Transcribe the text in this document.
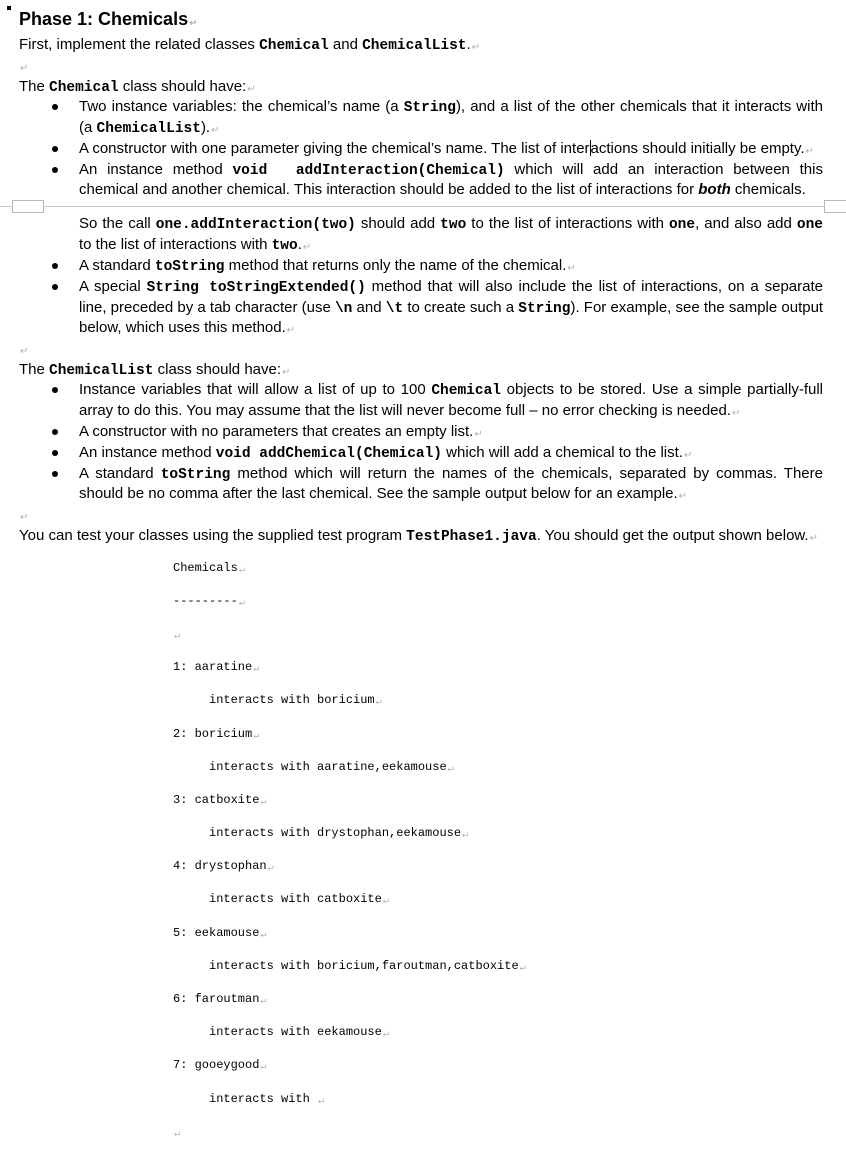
Phase 1: Chemicals↵
First, implement the related classes Chemical and ChemicalList.↵
↵
The Chemical class should have:↵
Two instance variables: the chemical’s name (a String), and a list of the other chemicals that it interacts with
(a ChemicalList).↵
A constructor with one parameter giving the chemical’s name. The list of interactions should initially be empty.↵
An instance method void  addInteraction(Chemical) which will add an interaction between this
chemical and another chemical. This interaction should be added to the list of interactions for both chemicals.
So the call one.addInteraction(two) should add two to the list of interactions with one, and also add one
to the list of interactions with two.↵
A standard toString method that returns only the name of the chemical.↵
A special String toStringExtended() method that will also include the list of interactions, on a separate
line, preceded by a tab character (use \n and \t to create such a String). For example, see the sample output
below, which uses this method.↵
↵
The ChemicalList class should have:↵
Instance variables that will allow a list of up to 100 Chemical objects to be stored. Use a simple partially-full
array to do this. You may assume that the list will never become full – no error checking is needed.↵
A constructor with no parameters that creates an empty list.↵
An instance method void addChemical(Chemical) which will add a chemical to the list.↵
A standard toString method which will return the names of the chemicals, separated by commas. There
should be no comma after the last chemical. See the sample output below for an example.↵
↵
You can test your classes using the supplied test program TestPhase1.java. You should get the output shown below.↵

Chemicals↵

---------↵

↵

1: aaratine↵

interacts with boricium↵

2: boricium↵

interacts with aaratine,eekamouse↵

3: catboxite↵

interacts with drystophan,eekamouse↵

4: drystophan↵

interacts with catboxite↵

5: eekamouse↵

interacts with boricium,faroutman,catboxite↵

6: faroutman↵

interacts with eekamouse↵

7: gooeygood↵

interacts with ↵

↵
